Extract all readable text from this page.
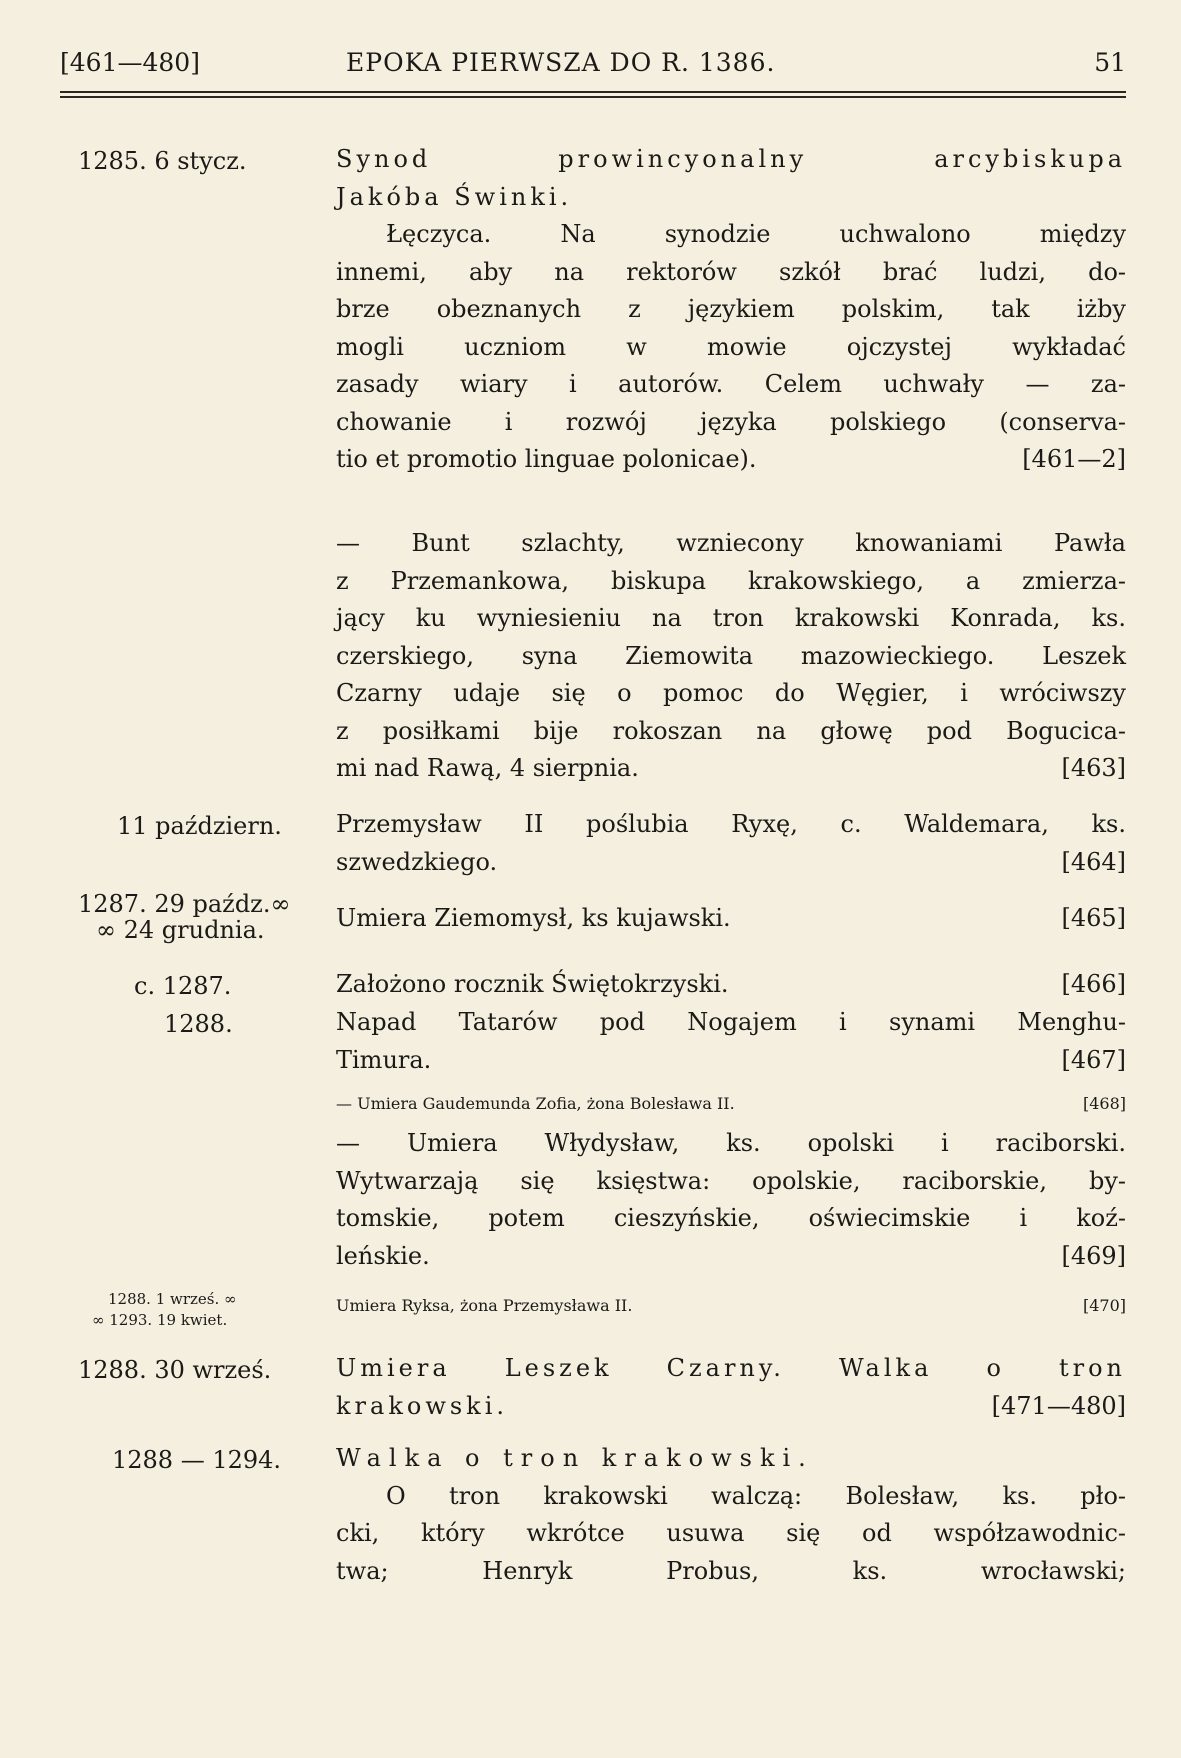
[461—480]	EPOKA PIERWSZA DO R. 1386.	51
1285. 6 stycz.	Synod prowincyonalny arcybiskupa
Jakóba Świnki.
Łęczyca. Na synodzie uchwalono między
innemi, aby na rektorów szkół brać ludzi, do-
brze obeznanych z językiem polskim, tak iżby
mogli uczniom w mowie ojczystej wykładać
zasady wiary i autorów. Celem uchwały — za-
chowanie i rozwój języka polskiego (conserva-
tio et promotio linguae polonicae).	[461—2]
— Bunt szlachty, wzniecony knowaniami Pawła
z Przemankowa, biskupa krakowskiego, a zmierza-
jący ku wyniesieniu na tron krakowski Konrada, ks.
czerskiego, syna Ziemowita mazowieckiego. Leszek
Czarny udaje się o pomoc do Węgier, i wróciwszy
z posiłkami bije rokoszan na głowę pod Bogucica-
mi nad Rawą, 4 sierpnia.	[463]
11 październ. Przemysław II poślubia Ryxę, c. Waldemara, ks.
szwedzkiego.	[464]
1287. 29 paźdz.∞
∞ 24 grudnia.	Umiera Ziemomysł, ks kujawski.	[465]
c. 1287.	Założono rocznik Świętokrzyski.	[466]
1288.	Napad Tatarów pod Nogajem i synami Menghu-
Timura.	[467]
— Umiera Gaudemunda Zofia, żona Bolesława II.	[468]
— Umiera Włydysław, ks. opolski i raciborski.
Wytwarzają się księstwa: opolskie, raciborskie, by-
tomskie, potem cieszyńskie, oświecimskie i koź-
leńskie.	[469]
1288. 1 wrześ. ∞
∞ 1293. 19 kwiet.
Umiera Ryksa, żona Przemysława II.	[470]
1288. 30 wrześ.	Umiera Leszek Czarny. Walka o tron
krakowski.	[471—480]
1288 — 1294. Walka o tron krakowski.
O tron krakowski walczą: Bolesław, ks. pło-
cki, który wkrótce usuwa się od współzawodnic-
twa; Henryk Probus, ks. wrocławski;
